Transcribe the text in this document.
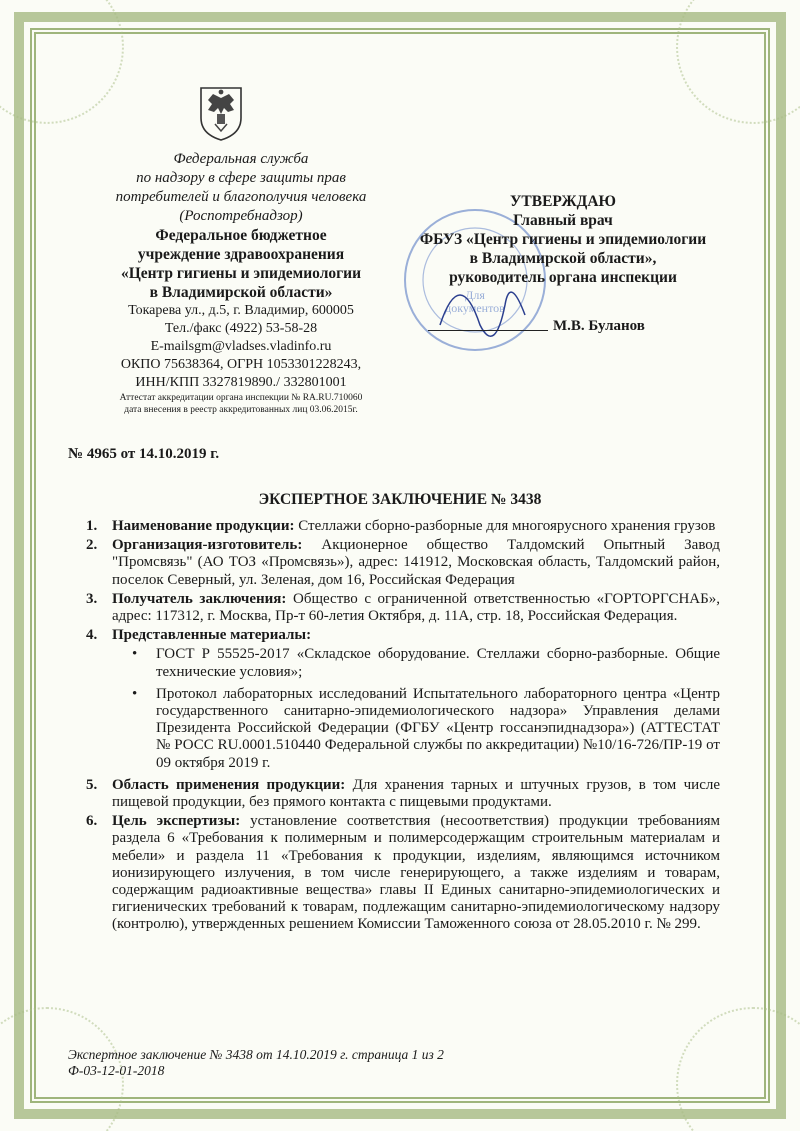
Федеральная служба
по надзору в сфере защиты прав
потребителей и благополучия человека
(Роспотребнадзор)
Федеральное бюджетное
учреждение здравоохранения
«Центр гигиены и эпидемиологии
в Владимирской области»
Токарева ул., д.5, г. Владимир, 600005
Тел./факс (4922) 53-58-28
E-mailsgm@vladses.vladinfo.ru
ОКПО 75638364, ОГРН 1053301228243,
ИНН/КПП 3327819890./ 332801001
Аттестат аккредитации органа инспекции № RA.RU.710060
дата внесения в реестр аккредитованных лиц 03.06.2015г.
Для документов
УТВЕРЖДАЮ
Главный врач
ФБУЗ «Центр гигиены и эпидемиологии
в Владимирской области»,
руководитель органа инспекции
М.В. Буланов
№ 4965 от 14.10.2019 г.
ЭКСПЕРТНОЕ ЗАКЛЮЧЕНИЕ № 3438
1. Наименование продукции: Стеллажи сборно-разборные для многоярусного хранения грузов
2. Организация-изготовитель: Акционерное общество Талдомский Опытный Завод "Промсвязь" (АО ТОЗ «Промсвязь»), адрес: 141912, Московская область, Талдомский район, поселок Северный, ул. Зеленая, дом 16, Российская Федерация
3. Получатель заключения: Общество с ограниченной ответственностью «ГОРТОРГСНАБ», адрес: 117312, г. Москва, Пр-т 60-летия Октября, д. 11А, стр. 18, Российская Федерация.
4. Представленные материалы:
• ГОСТ Р 55525-2017 «Складское оборудование. Стеллажи сборно-разборные. Общие технические условия»;
• Протокол лабораторных исследований Испытательного лабораторного центра «Центр государственного санитарно-эпидемиологического надзора» Управления делами Президента Российской Федерации (ФГБУ «Центр госсанэпиднадзора») (АТТЕСТАТ № РОСС RU.0001.510440 Федеральной службы по аккредитации) №10/16-726/ПР-19 от 09 октября 2019 г.
5. Область применения продукции: Для хранения тарных и штучных грузов, в том числе пищевой продукции, без прямого контакта с пищевыми продуктами.
6. Цель экспертизы: установление соответствия (несоответствия) продукции требованиям раздела 6 «Требования к полимерным и полимерсодержащим строительным материалам и мебели» и раздела 11 «Требования к продукции, изделиям, являющимся источником ионизирующего излучения, в том числе генерирующего, а также изделиям и товарам, содержащим радиоактивные вещества» главы II Единых санитарно-эпидемиологических и гигиенических требований к товарам, подлежащим санитарно-эпидемиологическому надзору (контролю), утвержденных решением Комиссии Таможенного союза от 28.05.2010 г. № 299.
Экспертное заключение № 3438 от 14.10.2019 г. страница 1 из 2
Ф-03-12-01-2018
